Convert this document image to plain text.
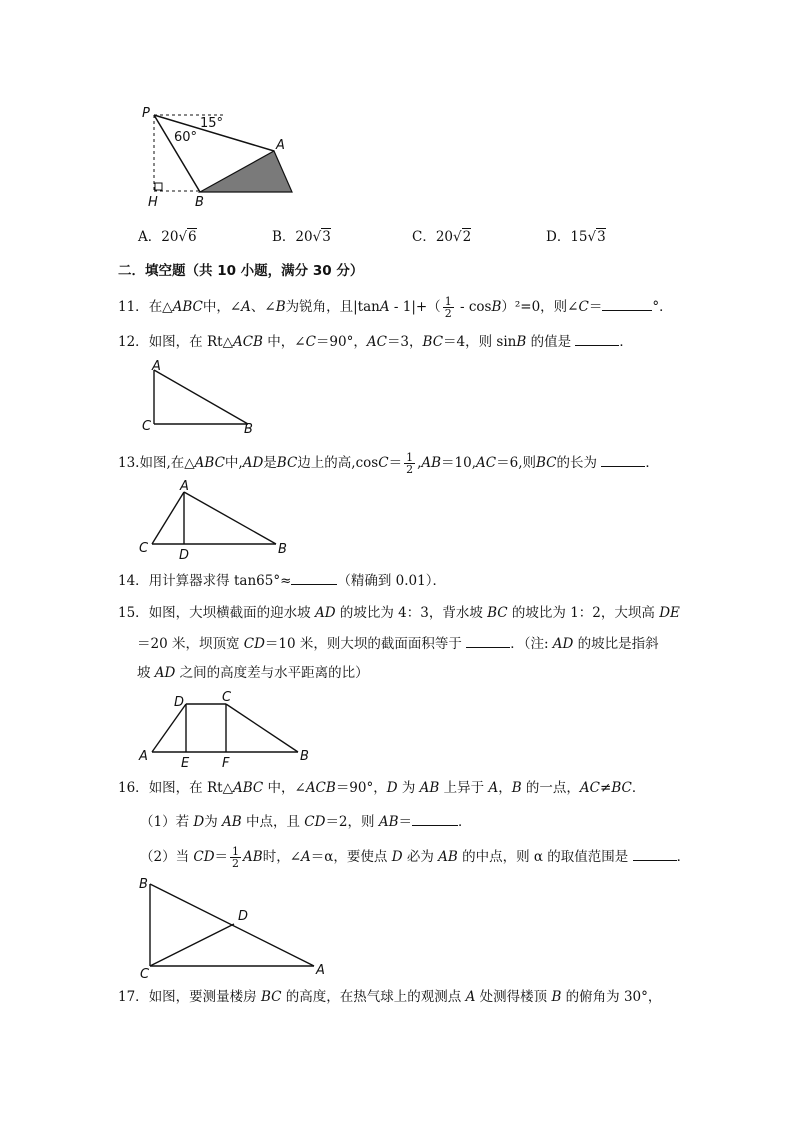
P
15°
60°
A
H	B
A．20√6	B．20√3	C．20√2	D．15√3
二．填空题（共 10 小题，满分 30 分）
11．在△ABC中，∠A、∠B为锐角，且$|\tan A - 1|+( \frac{1}{2} - \cos B)^2=0$，则∠C＝	°．
12．如图，在 Rt△ACB 中，∠C＝90°，AC＝3，BC＝4，则 sinB 的值是	．
A
C	B
13.如图,在△ABC中,AD是BC边上的高$,\cos C= \frac{1}{2} ,AB=10,AC=6$,则BC的长为	．
A
C D	B
14．用计算器求得 tan65°≈	（精确到 0.01）．
15．如图，大坝横截面的迎水坡 AD 的坡比为 4：3，背水坡 BC 的坡比为 1：2，大坝高 DE
＝20 米，坝顶宽 CD＝10 米，则大坝的截面面积等于	．（注: AD 的坡比是指斜
坡 AD 之间的高度差与水平距离的比）
D	C
A	E	F	B
16．如图，在 Rt△ABC 中，∠ACB＝90°，D 为 AB 上异于 A，B 的一点，AC≠BC．
（1）若 D为 AB 中点，且 CD＝2，则 AB＝	．
（2）当 $CD= \frac{1}{2}$ AB时，∠A＝α，要使点 D 必为 AB 的中点，则 α 的取值范围是	．
B
D
C	A
17．如图，要测量楼房 BC 的高度，在热气球上的观测点 A 处测得楼顶 B 的俯角为 30°，
